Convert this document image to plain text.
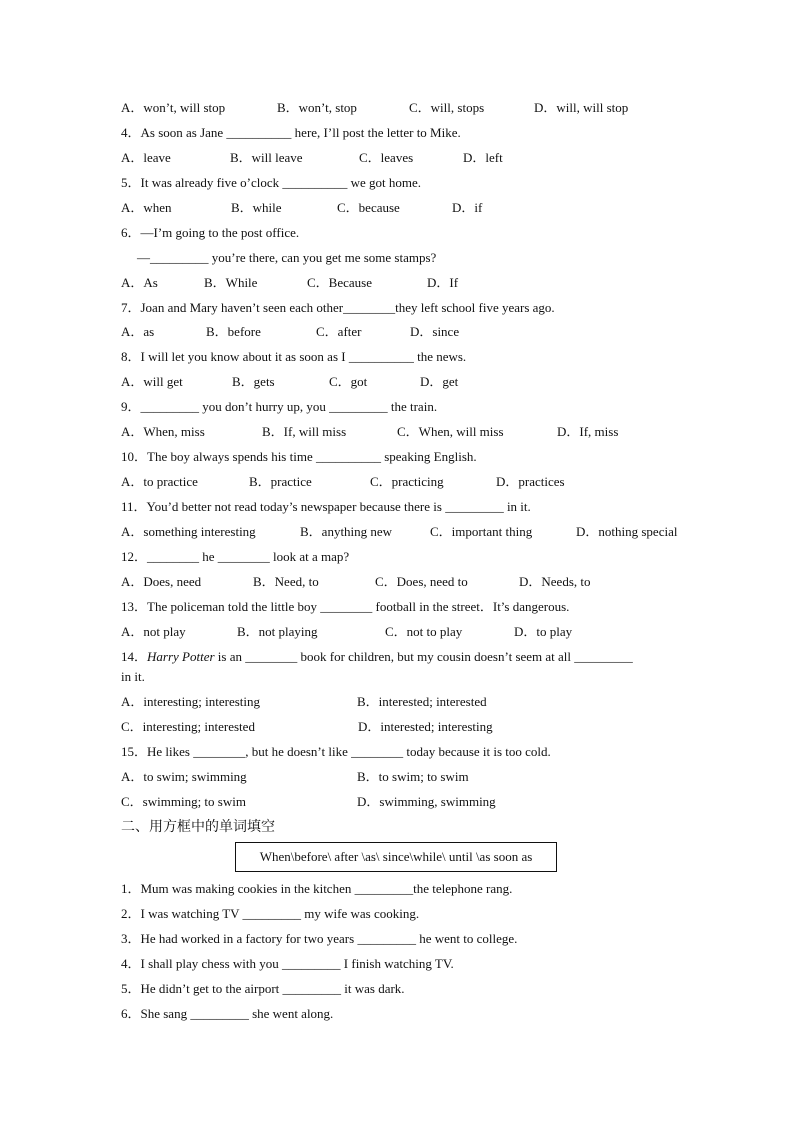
A．won’t, will stop	B．won’t, stop	C．will, stops	D．will, will stop
4．As soon as Jane __________ here, I’ll post the letter to Mike.
A．leave	B．will leave	C．leaves	D．left
5．It was already five o’clock __________ we got home.
A．when	B．while	C．because	D．if
6．—I’m going to the post office.
—_________ you’re there, can you get me some stamps?
A．As	B．While	C．Because	D．If
7．Joan and Mary haven’t seen each other________they left school five years ago.
A．as	B．before	C．after	D．since
8．I will let you know about it as soon as I __________ the news.
A．will get	B．gets	C．got	D．get
9．_________ you don’t hurry up, you _________ the train.
A．When, miss	B．If, will miss	C．When, will miss	D．If, miss
10．The boy always spends his time __________ speaking English.
A．to practice	B．practice	C．practicing	D．practices
11．You’d better not read today’s newspaper because there is _________ in it.
A．something interesting	B．anything new	C．important thing	D．nothing special
12．________ he ________ look at a map?
A．Does, need	B．Need, to	C．Does, need to	D．Needs, to
13．The policeman told the little boy ________ football in the street．It’s dangerous.
A．not play	B．not playing	C．not to play	D．to play
14．Harry Potter is an ________ book for children, but my cousin doesn’t seem at all _________
in it.
A．interesting; interesting	B．interested; interested
C．interesting; interested	D．interested; interesting
15．He likes ________, but he doesn’t like ________ today because it is too cold.
A．to swim; swimming	B．to swim; to swim
C．swimming; to swim	D．swimming, swimming
二、用方框中的单词填空
When\before\ after \as\ since\while\ until \as soon as
1．Mum was making cookies in the kitchen _________the telephone rang.
2．I was watching TV _________ my wife was cooking.
3．He had worked in a factory for two years _________ he went to college.
4．I shall play chess with you _________ I finish watching TV.
5．He didn’t get to the airport _________ it was dark.
6．She sang _________ she went along.
